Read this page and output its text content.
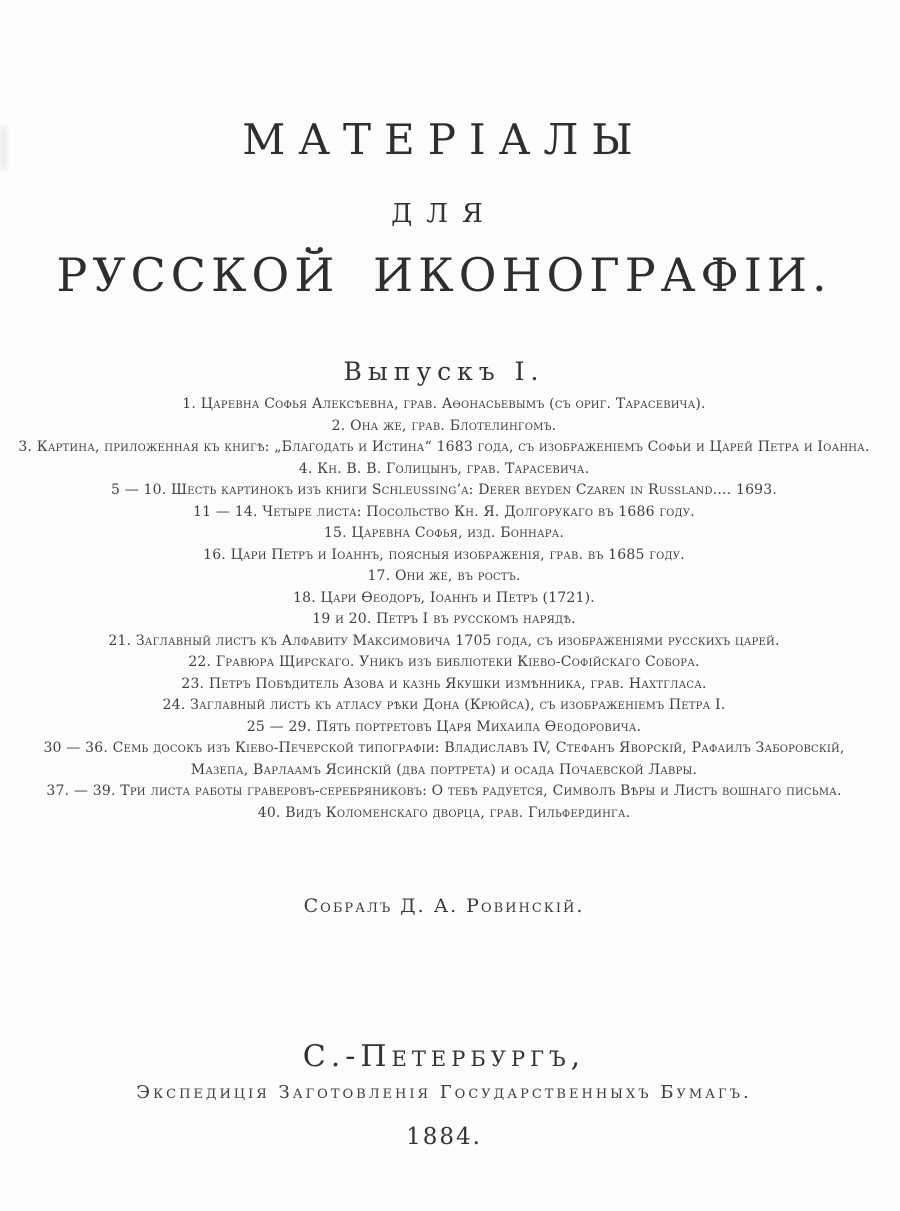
МАТЕРІАЛЫ
ДЛЯ
РУССКОЙ ИКОНОГРАФІИ.
Выпускъ I.
1. Царевна Софья Алексѣевна, грав. Аѳонасьевымъ (съ ориг. Тарасевича).
2. Она же, грав. Блотелингомъ.
3. Картина, приложенная къ книгѣ: „Благодать и Истина“ 1683 года, съ изображеніемъ Софьи и Царей Петра и Іоанна.
4. Кн. В. В. Голицынъ, грав. Тарасевича.
5 — 10. Шесть картинокъ изъ книги Schleussing’a: Derer beyden Czaren in Russland.... 1693.
11 — 14. Четыре листа: Посольство Кн. Я. Долгорукаго въ 1686 году.
15. Царевна Софья, изд. Боннара.
16. Цари Петръ и Іоаннъ, поясныя изображенія, грав. въ 1685 году.
17. Они же, въ ростъ.
18. Цари Ѳеодоръ, Іоаннъ и Петръ (1721).
19 и 20. Петръ I въ русскомъ нарядѣ.
21. Заглавный листъ къ Алфавиту Максимовича 1705 года, съ изображеніями русскихъ царей.
22. Гравюра Щирскаго. Уникъ изъ библіотеки Кіево-Софійскаго Собора.
23. Петръ Побѣдитель Азова и казнь Якушки измѣнника, грав. Нахтгласа.
24. Заглавный листъ къ атласу рѣки Дона (Крюйса), съ изображеніемъ Петра I.
25 — 29. Пять портретовъ Царя Михаила Ѳеодоровича.
30 — 36. Семь досокъ изъ Кіево-Печерской типографіи: Владиславъ IV, Стефанъ Яворскій, Рафаилъ Заборовскій, Мазепа, Варлаамъ Ясинскій (два портрета) и осада Почаевской Лавры.
37. — 39. Три листа работы граверовъ-серебряниковъ: О тебѣ радуется, Символъ Вѣры и Листъ вошнаго письма.
40. Видъ Коломенскаго дворца, грав. Гильфердинга.
Собралъ Д. А. Ровинскій.
С.-Петербургъ,
Экспедиція Заготовленія Государственныхъ Бумагъ.
1884.
